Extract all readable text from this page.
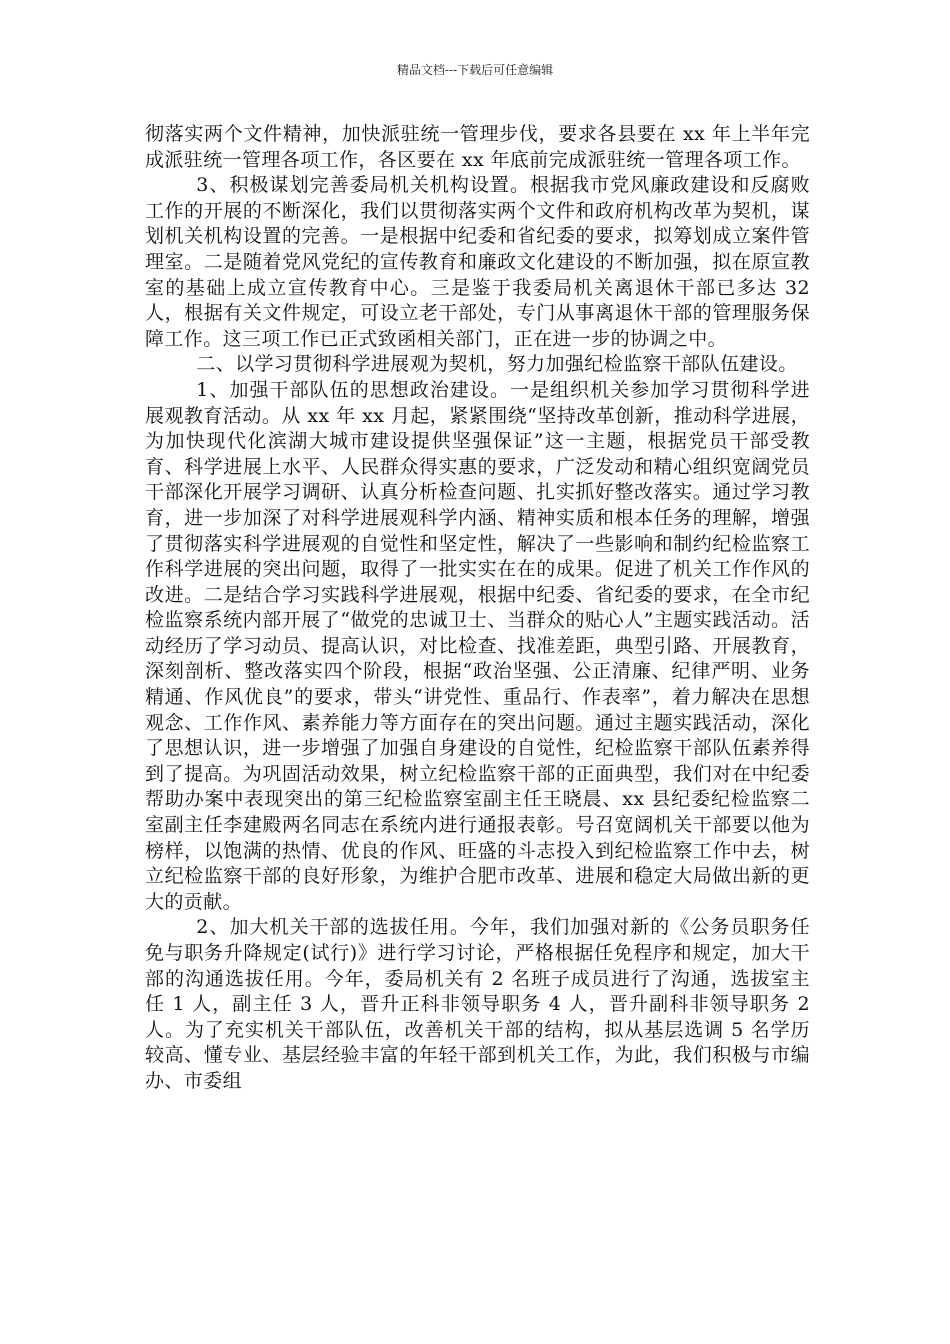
精品文档---下载后可任意编辑

彻落实两个文件精神，加快派驻统一管理步伐，要求各县要在 xx 年上半年完成派驻统一管理各项工作，各区要在 xx 年底前完成派驻统一管理各项工作。

3、积极谋划完善委局机关机构设置。根据我市党风廉政建设和反腐败工作的开展的不断深化，我们以贯彻落实两个文件和政府机构改革为契机，谋划机关机构设置的完善。一是根据中纪委和省纪委的要求，拟筹划成立案件管理室。二是随着党风党纪的宣传教育和廉政文化建设的不断加强，拟在原宣教室的基础上成立宣传教育中心。三是鉴于我委局机关离退休干部已多达 32 人，根据有关文件规定，可设立老干部处，专门从事离退休干部的管理服务保障工作。这三项工作已正式致函相关部门，正在进一步的协调之中。

二、以学习贯彻科学进展观为契机，努力加强纪检监察干部队伍建设。

1、加强干部队伍的思想政治建设。一是组织机关参加学习贯彻科学进展观教育活动。从 xx 年 xx 月起，紧紧围绕“坚持改革创新，推动科学进展，为加快现代化滨湖大城市建设提供坚强保证”这一主题，根据党员干部受教育、科学进展上水平、人民群众得实惠的要求，广泛发动和精心组织宽阔党员干部深化开展学习调研、认真分析检查问题、扎实抓好整改落实。通过学习教育，进一步加深了对科学进展观科学内涵、精神实质和根本任务的理解，增强了贯彻落实科学进展观的自觉性和坚定性，解决了一些影响和制约纪检监察工作科学进展的突出问题，取得了一批实实在在的成果。促进了机关工作作风的改进。二是结合学习实践科学进展观，根据中纪委、省纪委的要求，在全市纪检监察系统内部开展了“做党的忠诚卫士、当群众的贴心人”主题实践活动。活动经历了学习动员、提高认识，对比检查、找准差距，典型引路、开展教育，深刻剖析、整改落实四个阶段，根据“政治坚强、公正清廉、纪律严明、业务精通、作风优良”的要求，带头“讲党性、重品行、作表率”，着力解决在思想观念、工作作风、素养能力等方面存在的突出问题。通过主题实践活动，深化了思想认识，进一步增强了加强自身建设的自觉性，纪检监察干部队伍素养得到了提高。为巩固活动效果，树立纪检监察干部的正面典型，我们对在中纪委帮助办案中表现突出的第三纪检监察室副主任王晓晨、xx 县纪委纪检监察二室副主任李建殿两名同志在系统内进行通报表彰。号召宽阔机关干部要以他为榜样，以饱满的热情、优良的作风、旺盛的斗志投入到纪检监察工作中去，树立纪检监察干部的良好形象，为维护合肥市改革、进展和稳定大局做出新的更大的贡献。

2、加大机关干部的选拔任用。今年，我们加强对新的《公务员职务任免与职务升降规定(试行)》进行学习讨论，严格根据任免程序和规定，加大干部的沟通选拔任用。今年，委局机关有 2 名班子成员进行了沟通，选拔室主任 1 人，副主任 3 人，晋升正科非领导职务 4 人，晋升副科非领导职务 2 人。为了充实机关干部队伍，改善机关干部的结构，拟从基层选调 5 名学历较高、懂专业、基层经验丰富的年轻干部到机关工作，为此，我们积极与市编办、市委组
